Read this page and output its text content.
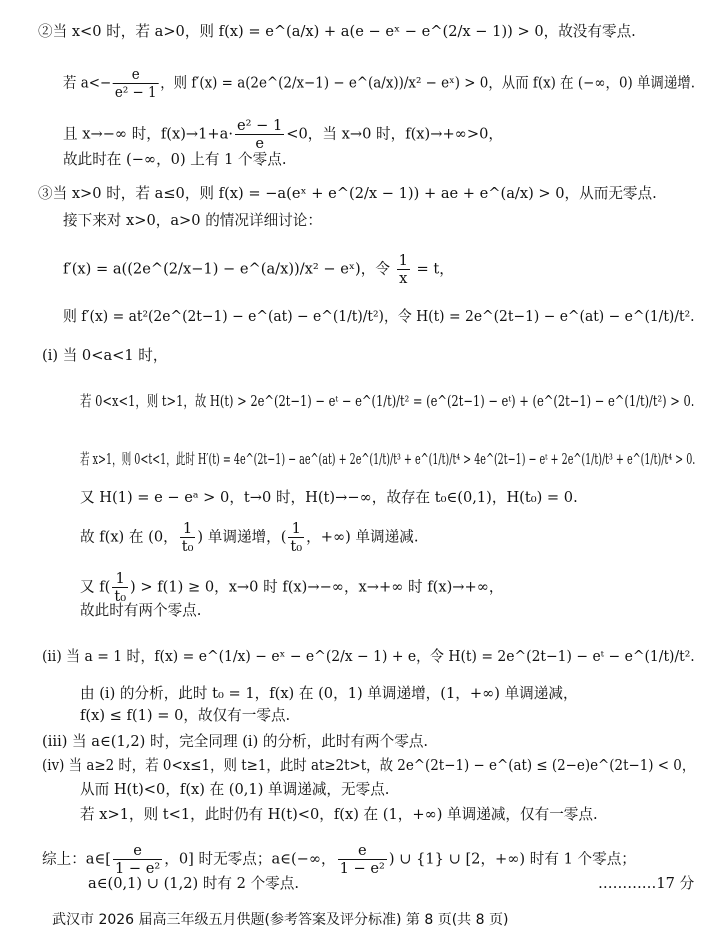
②当 x<0 时，若 a>0，则 f(x) = e^(a/x) + a(e − eˣ − e^(2/x − 1)) > 0，故没有零点.
若 $a<- \frac{e}{\text{e² − 1}}$ ，则 f′(x) = a(2e^(2/x−1) − e^(a/x))/x² − eˣ) > 0，从而 f(x) 在 (−∞，0) 单调递增.
且 x→−∞ 时，$f(x)\to 1+a\cdot \frac{\text{e² − 1}}{e} <0$，当 x→0 时，f(x)→+∞>0，
故此时在 (−∞，0) 上有 1 个零点.
③当 x>0 时，若 a≤0，则 f(x) = −a(eˣ + e^(2/x − 1)) + ae + e^(a/x) > 0，从而无零点.
接下来对 x>0，a>0 的情况详细讨论：
f′(x) = a((2e^(2/x−1) − e^(a/x))/x² − eˣ)，令 $\frac{1}{x} = t$，
则 f′(x) = at²(2e^(2t−1) − e^(at) − e^(1/t)/t²)，令 H(t) = 2e^(2t−1) − e^(at) − e^(1/t)/t².
(ⅰ) 当 0<a<1 时，
若 0<x<1，则 t>1，故 H(t) > 2e^(2t−1) − eᵗ − e^(1/t)/t² = (e^(2t−1) − eᵗ) + (e^(2t−1) − e^(1/t)/t²) > 0.
若 x>1，则 0<t<1，此时 H′(t) = 4e^(2t−1) − ae^(at) + 2e^(1/t)/t³ + e^(1/t)/t⁴ > 4e^(2t−1) − eᵗ + 2e^(1/t)/t³ + e^(1/t)/t⁴ > 0.
又 H(1) = e − eᵃ > 0，t→0 时，H(t)→−∞，故存在 t₀∈(0,1)，H(t₀) = 0.
故 f(x) 在 (0， $\frac{1}{\text{t₀}}$ ) 单调递增，( $\frac{1}{\text{t₀}}$ ，+∞) 单调递减.
又 $f( \frac{1}{\text{t₀}}$ ) > f(1) ≥ 0，x→0 时 f(x)→−∞，x→+∞ 时 f(x)→+∞，
故此时有两个零点.
(ⅱ) 当 a = 1 时，f(x) = e^(1/x) − eˣ − e^(2/x − 1) + e，令 H(t) = 2e^(2t−1) − eᵗ − e^(1/t)/t².
由 (ⅰ) 的分析，此时 t₀ = 1，f(x) 在 (0，1) 单调递增，(1，+∞) 单调递减，
f(x) ≤ f(1) = 0，故仅有一零点.
(ⅲ) 当 a∈(1,2) 时，完全同理 (ⅰ) 的分析，此时有两个零点.
(ⅳ) 当 a≥2 时，若 0<x≤1，则 t≥1，此时 at≥2t>t，故 2e^(2t−1) − e^(at) ≤ (2−e)e^(2t−1) < 0，
从而 H(t)<0，f(x) 在 (0,1) 单调递减，无零点.
若 x>1，则 t<1，此时仍有 H(t)<0，f(x) 在 (1，+∞) 单调递减，仅有一零点.
综上：a∈[ $\frac{e}{\text{1 − e²}}$ ，0] 时无零点；a∈(−∞， $\frac{e}{\text{1 − e²}}$ ) ∪ {1} ∪ [2，+∞) 时有 1 个零点；
a∈(0,1) ∪ (1,2) 时有 2 个零点.	…………17 分
武汉市 2026 届高三年级五月供题(参考答案及评分标准) 第 8 页(共 8 页)
